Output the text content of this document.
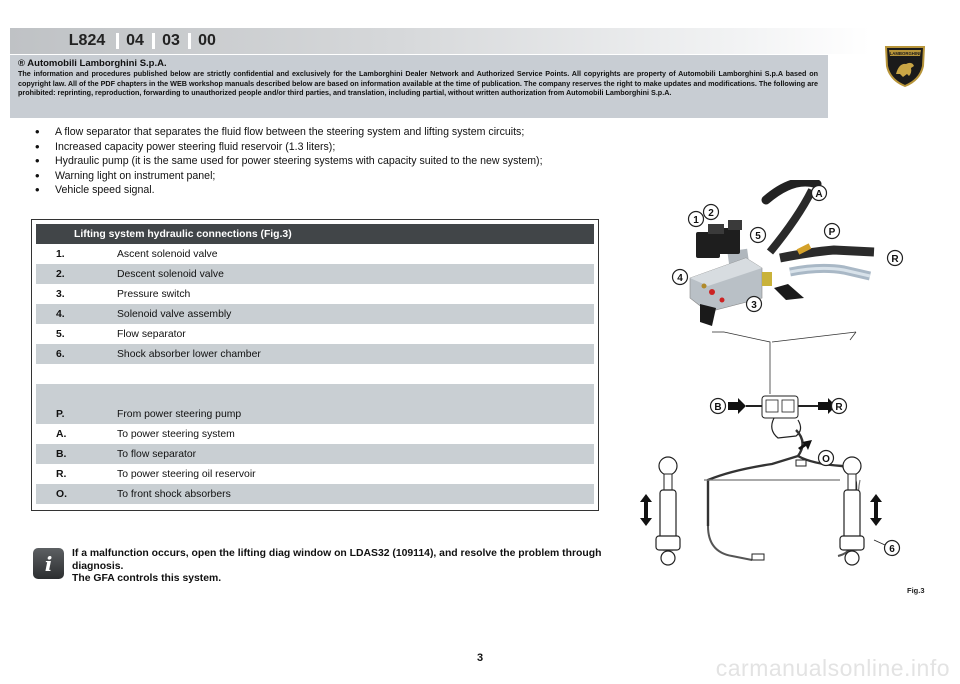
L824	04	03	00
LAMBORGHINI
® Automobili Lamborghini S.p.A.
The information and procedures published below are strictly confidential and exclusively for the Lamborghini Dealer Network and Authorized Service Points. All copyrights are property of Automobili Lamborghini S.p.A based on copyright law. All of the PDF chapters in the WEB workshop manuals described below are based on information available at the time of publication. The company reserves the right to make updates and modifications. The following are prohibited: reprinting, reproduction, forwarding to unauthorized people and/or third parties, and translation, including partial, without written authorization from Automobili Lamborghini S.p.A.
• A flow separator that separates the fluid flow between the steering system and lifting system circuits;
• Increased capacity power steering fluid reservoir (1.3 liters);
• Hydraulic pump (it is the same used for power steering systems with capacity suited to the new system);
• Warning light on instrument panel;
• Vehicle speed signal.
Lifting system hydraulic connections (Fig.3)
1.	Ascent solenoid valve
2.	Descent solenoid valve
3.	Pressure switch
4.	Solenoid valve assembly
5.	Flow separator
6.	Shock absorber lower chamber
P.	From power steering pump
A.	To power steering system
B.	To flow separator
R.	To power steering oil reservoir
O.	To front shock absorbers
i If a malfunction occurs, open the lifting diag window on LDAS32 (109114), and resolve the problem through diagnosis.
The GFA controls this system.
A
1
2
5	P
R
4
3
B	R
O
6
Fig.3
3	carmanualsonline.info
